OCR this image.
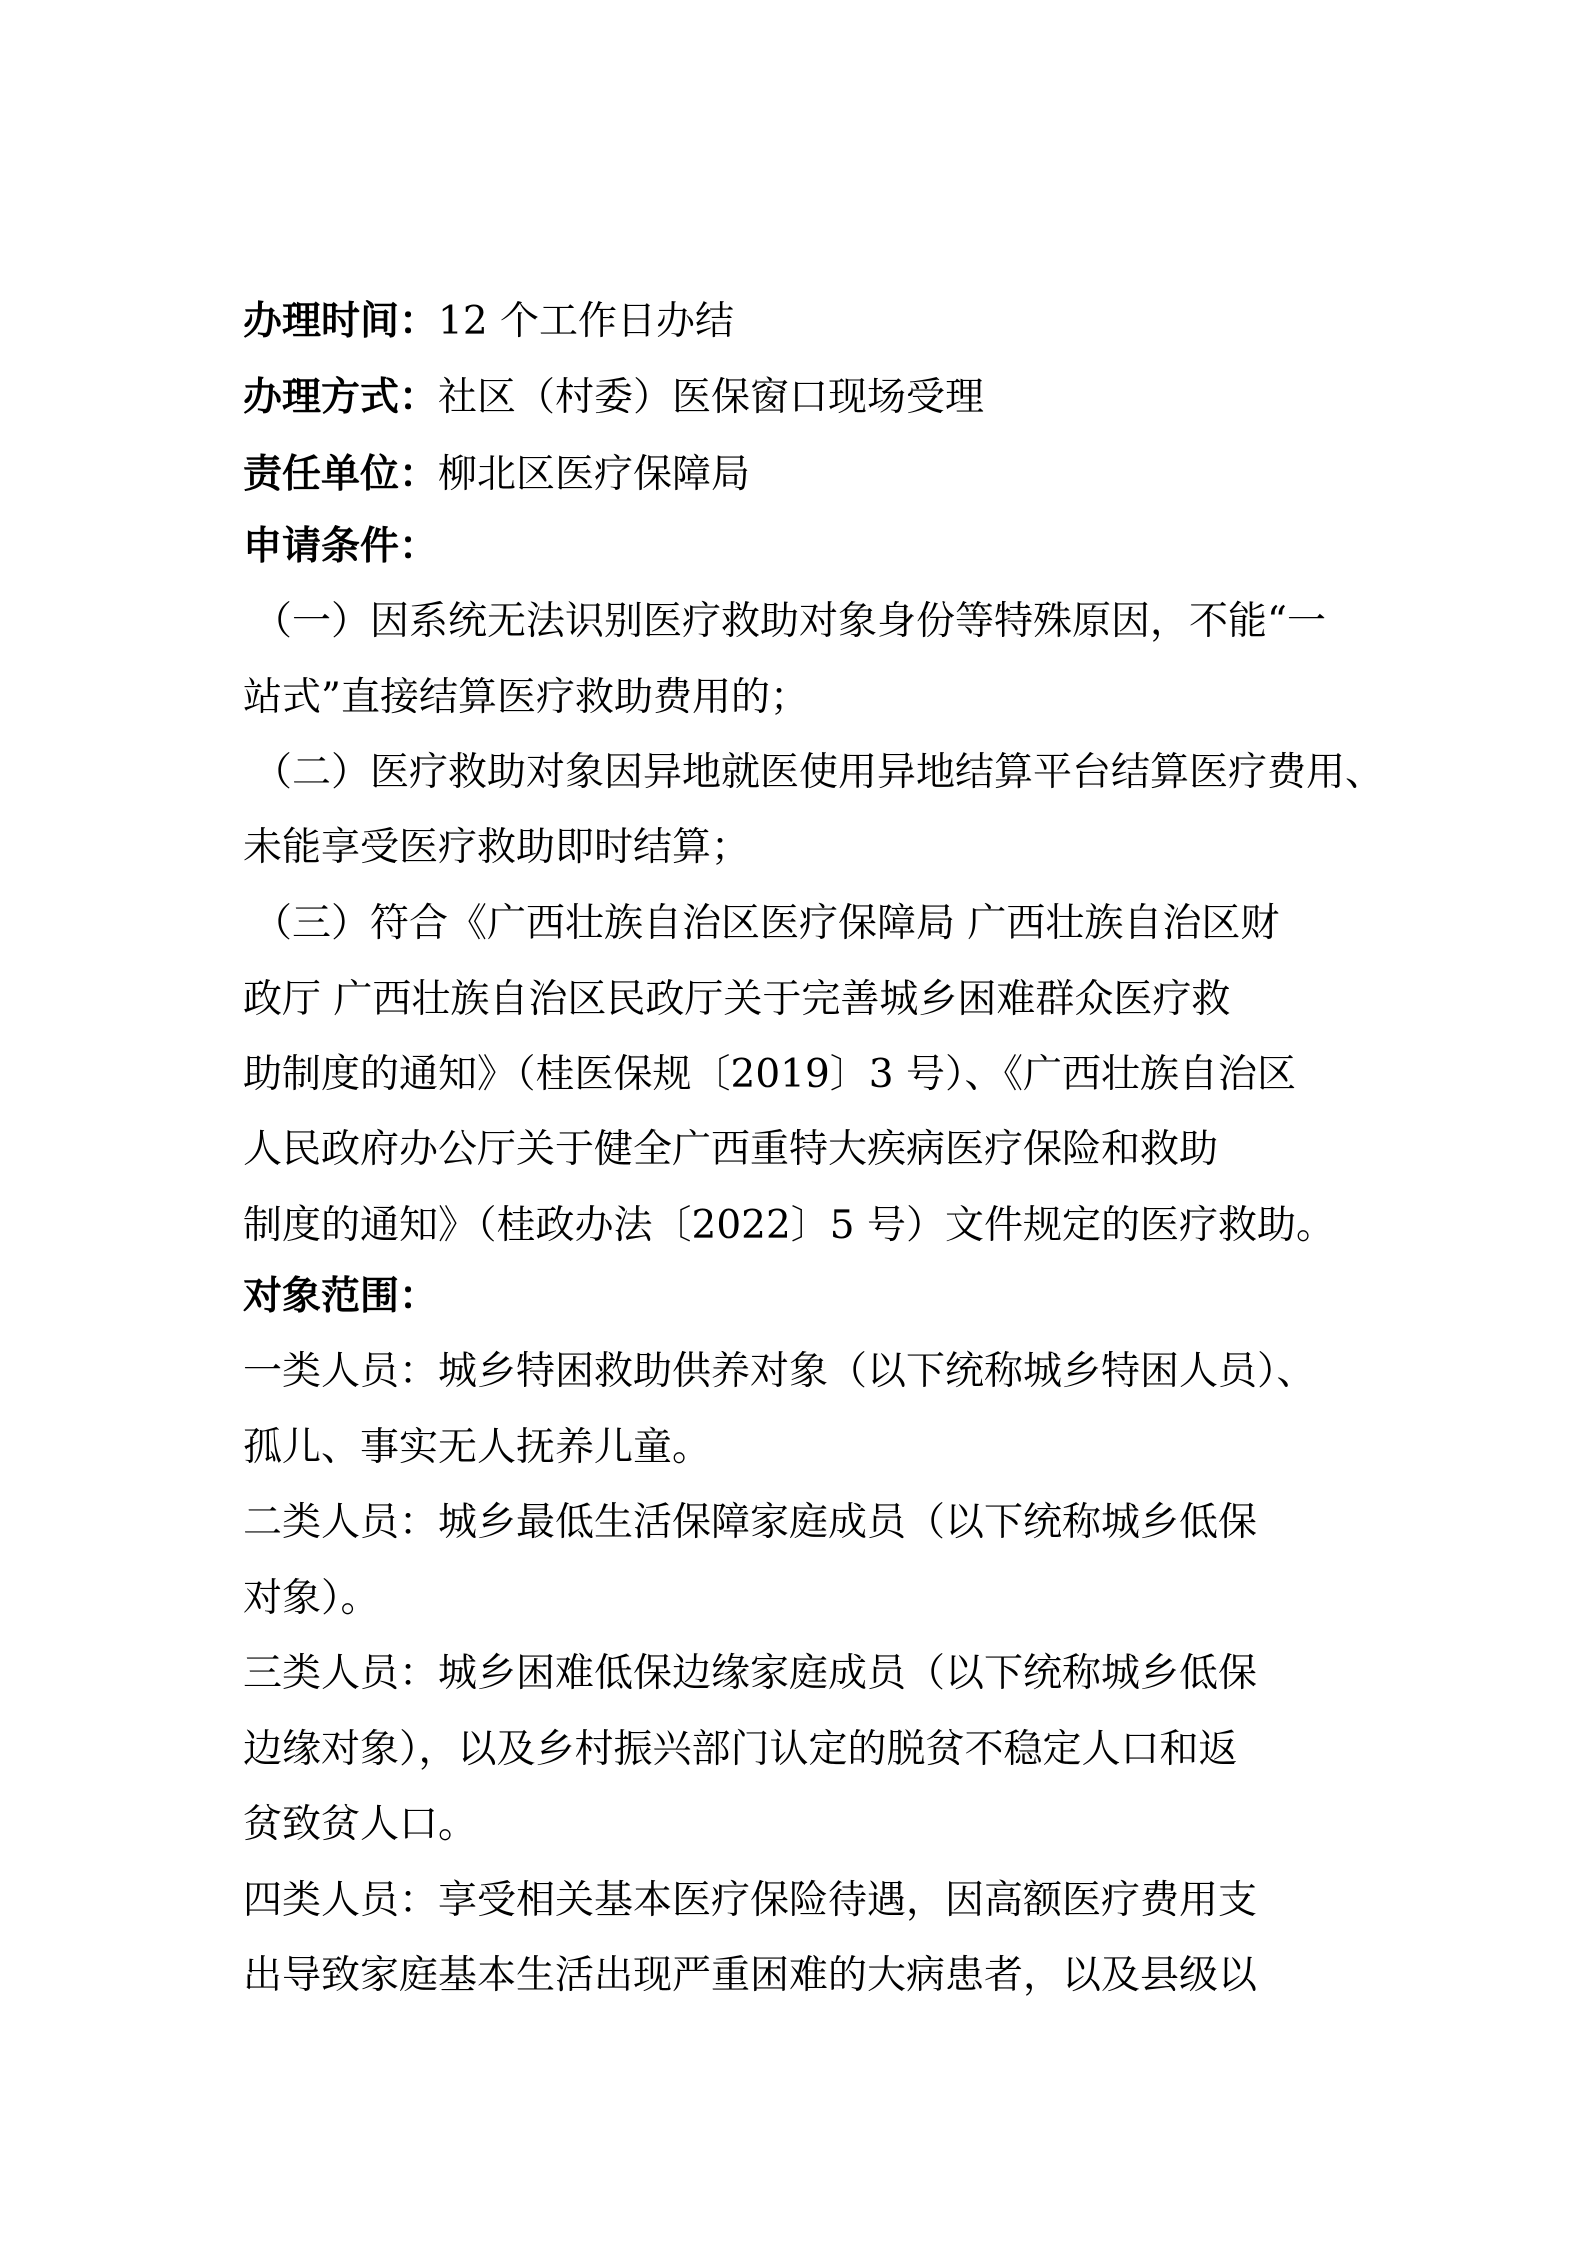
办理时间：12 个工作日办结
办理方式：社区（村委）医保窗口现场受理
责任单位：柳北区医疗保障局
申请条件：
（一）因系统无法识别医疗救助对象身份等特殊原因，不能“一
站式”直接结算医疗救助费用的；
（二）医疗救助对象因异地就医使用异地结算平台结算医疗费用、
未能享受医疗救助即时结算；
（三）符合《广西壮族自治区医疗保障局 广西壮族自治区财
政厅 广西壮族自治区民政厅关于完善城乡困难群众医疗救
助制度的通知》（桂医保规〔2019〕3 号）、《广西壮族自治区
人民政府办公厅关于健全广西重特大疾病医疗保险和救助
制度的通知》（桂政办法〔2022〕5 号）文件规定的医疗救助。
对象范围：
一类人员：城乡特困救助供养对象（以下统称城乡特困人员）、
孤儿、事实无人抚养儿童。
二类人员：城乡最低生活保障家庭成员（以下统称城乡低保
对象）。
三类人员：城乡困难低保边缘家庭成员（以下统称城乡低保
边缘对象），以及乡村振兴部门认定的脱贫不稳定人口和返
贫致贫人口。
四类人员：享受相关基本医疗保险待遇，因高额医疗费用支
出导致家庭基本生活出现严重困难的大病患者，以及县级以
